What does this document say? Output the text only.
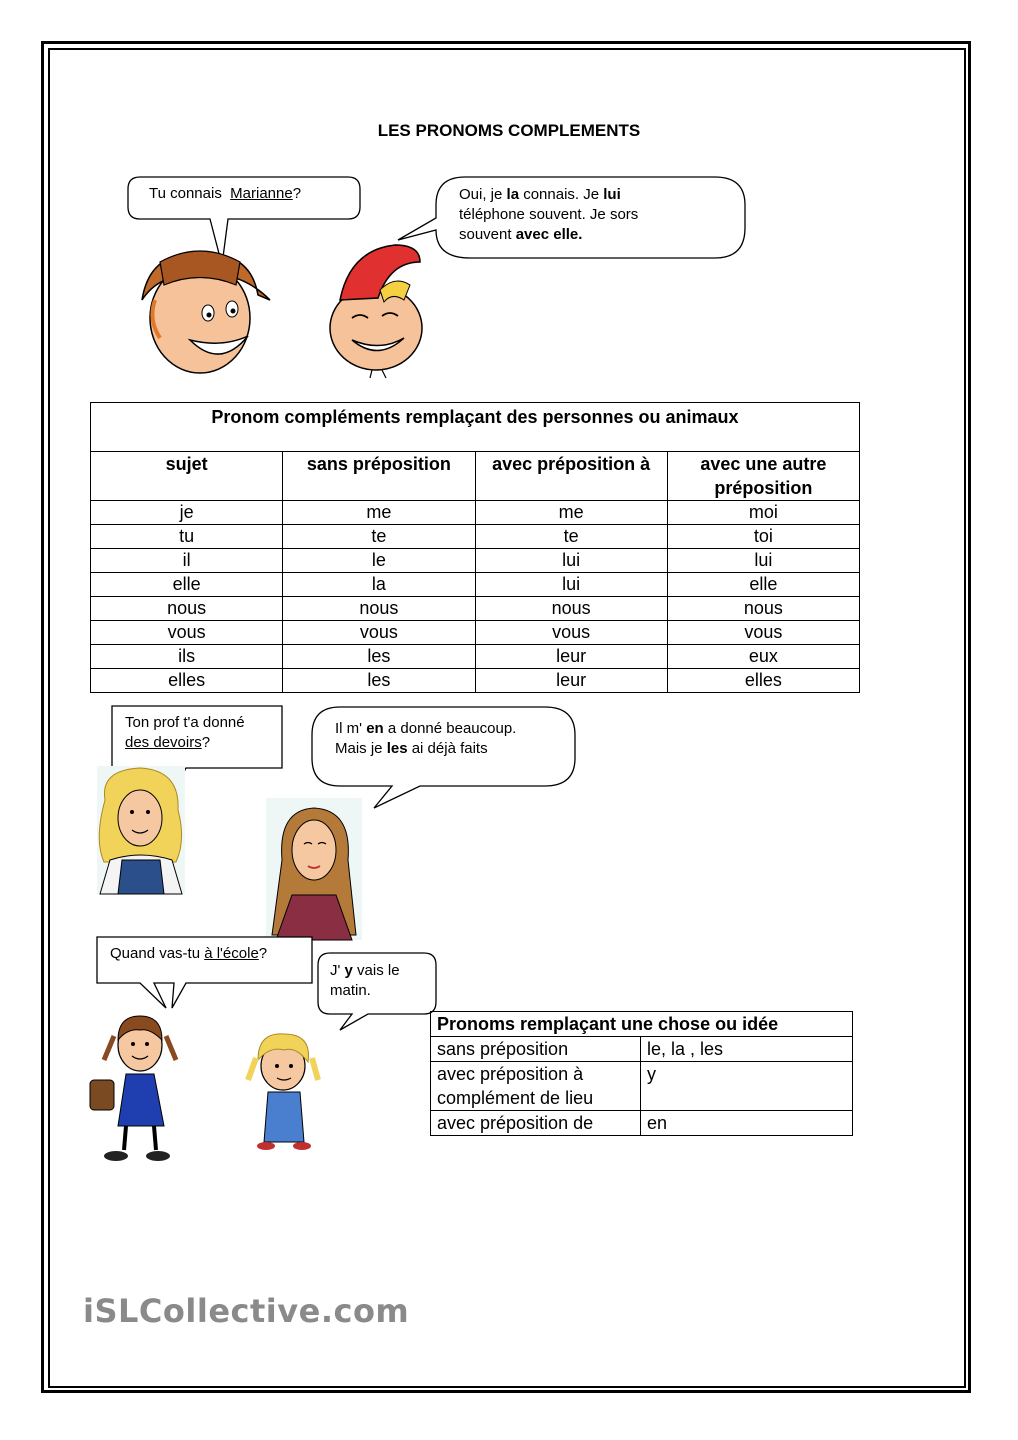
LES PRONOMS COMPLEMENTS
Tu connais  Marianne?	Oui, je la connais. Je lui
téléphone souvent. Je sors
souvent avec elle.
Pronom compléments remplaçant des personnes ou animaux			
sujet	sans préposition	avec préposition à	avec une autre préposition
je	me	me	moi
tu	te	te	toi
il	le	lui	lui
elle	la	lui	elle
nous	nous	nous	nous
vous	vous	vous	vous
ils	les	leur	eux
elles	les	leur	elles
Ton prof t'a donné
des devoirs?
Il m' en a donné beaucoup.
Mais je les ai déjà faits
Quand vas-tu à l'école?
J' y vais le
matin.
Pronoms remplaçant une chose ou idée	
sans préposition	le, la , les
avec préposition à complément de lieu	y
avec préposition de	en
iSLCollective.com
